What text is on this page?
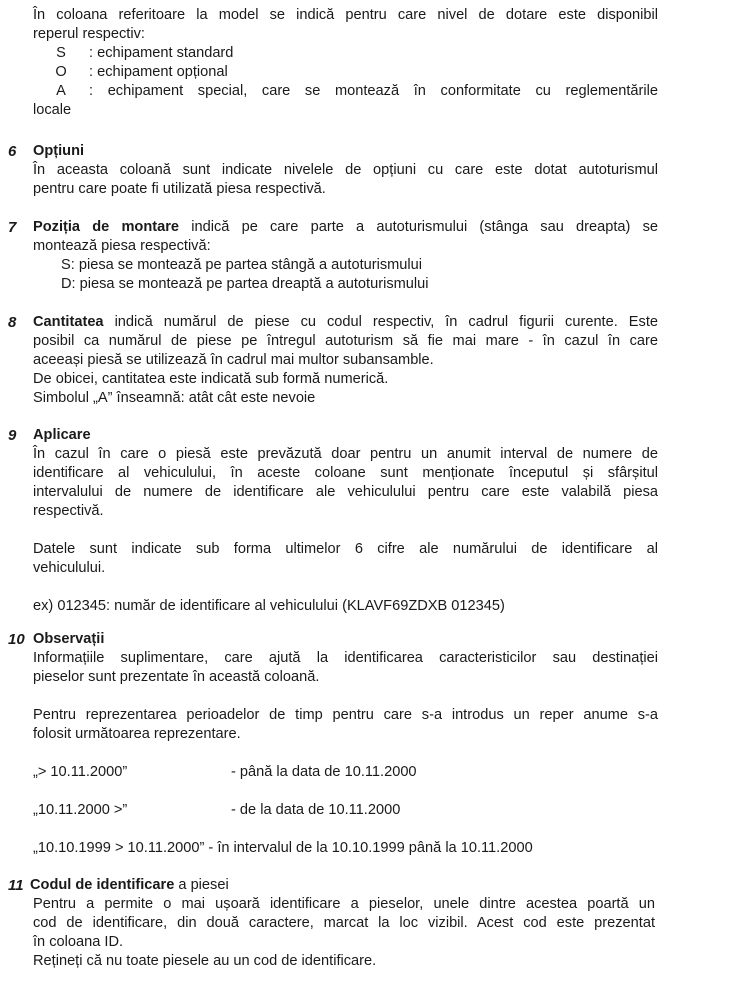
În coloana referitoare la model se indică pentru care nivel de dotare este disponibil
reperul respectiv:
S	: echipament standard
O	: echipament opțional
A	: echipament special, care se montează în conformitate cu reglementările
locale
6 Opțiuni
În aceasta coloană sunt indicate nivelele de opțiuni cu care este dotat autoturismul
pentru care poate fi utilizată piesa respectivă.
7 Poziția de montare indică pe care parte a autoturismului (stânga sau dreapta) se
montează piesa respectivă:
S: piesa se montează pe partea stângă a autoturismului
D: piesa se montează pe partea dreaptă a autoturismului
8 Cantitatea indică numărul de piese cu codul respectiv, în cadrul figurii curente. Este
posibil ca numărul de piese pe întregul autoturism să fie mai mare - în cazul în care
aceeași piesă se utilizează în cadrul mai multor subansamble.
De obicei, cantitatea este indicată sub formă numerică.
Simbolul „A” înseamnă: atât cât este nevoie
9 Aplicare
În cazul în care o piesă este prevăzută doar pentru un anumit interval de numere de
identificare al vehiculului, în aceste coloane sunt menționate începutul și sfârșitul
intervalului de numere de identificare ale vehiculului pentru care este valabilă piesa
respectivă.
Datele sunt indicate sub forma ultimelor 6 cifre ale numărului de identificare al
vehiculului.
ex) 012345: număr de identificare al vehiculului (KLAVF69ZDXB 012345)
10 Observații
Informațiile suplimentare, care ajută la identificarea caracteristicilor sau destinației
pieselor sunt prezentate în această coloană.
Pentru reprezentarea perioadelor de timp pentru care s-a introdus un reper anume s-a
folosit următoarea reprezentare.
„> 10.11.2000”	- până la data de 10.11.2000
„10.11.2000 >”	- de la data de 10.11.2000
„10.10.1999 > 10.11.2000” - în intervalul de la 10.10.1999 până la 10.11.2000
11 Codul de identificare a piesei
Pentru a permite o mai ușoară identificare a pieselor, unele dintre acestea poartă un
cod de identificare, din două caractere, marcat la loc vizibil. Acest cod este prezentat
în coloana ID.
Rețineți că nu toate piesele au un cod de identificare.
